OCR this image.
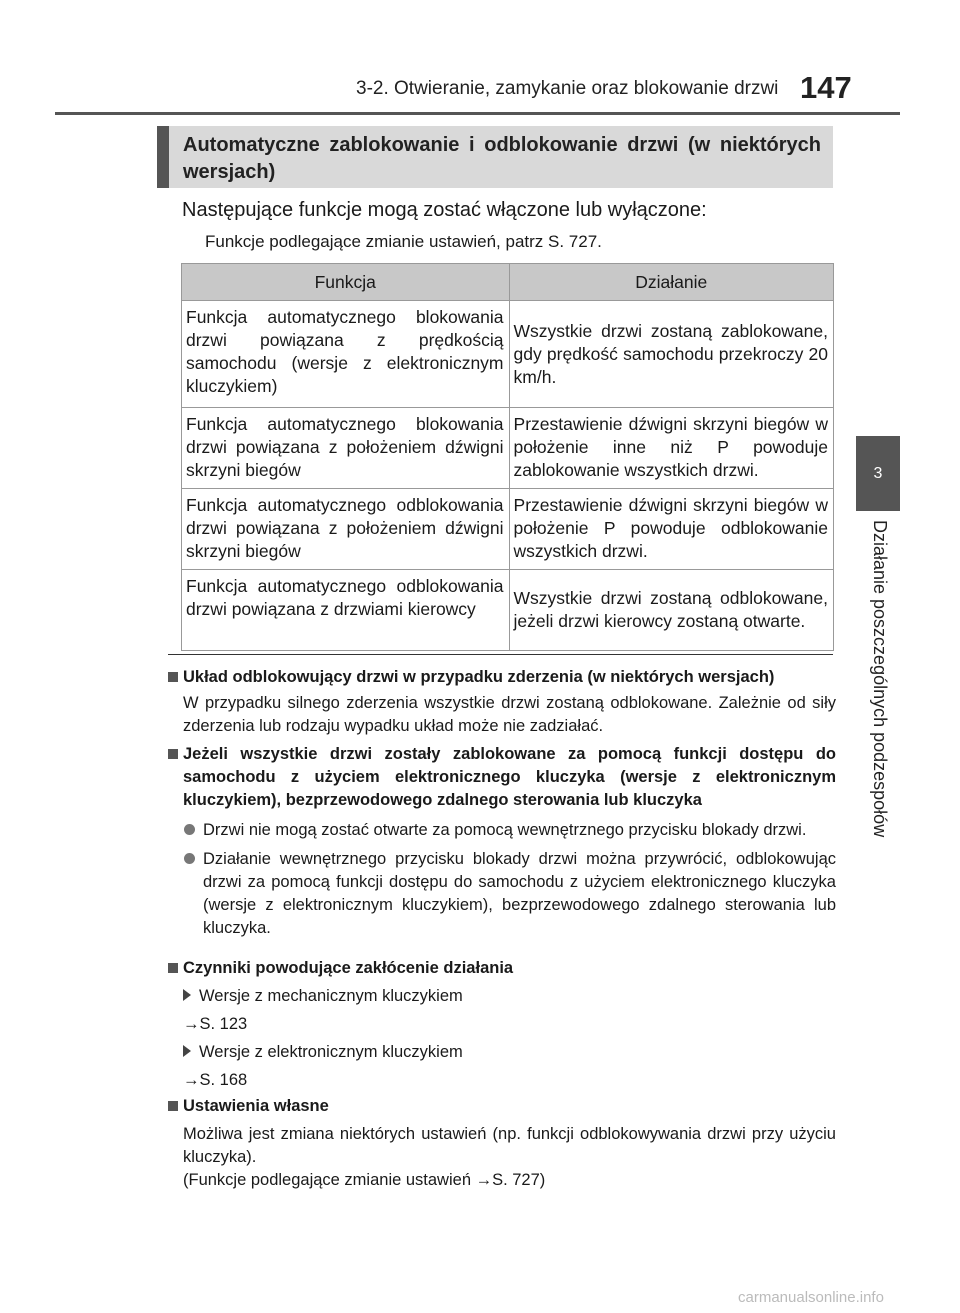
3-2. Otwieranie, zamykanie oraz blokowanie drzwi 147
3
Działanie poszczególnych podzespołów
Automatyczne zablokowanie i odblokowanie drzwi (w niektórych wersjach)
Następujące funkcje mogą zostać włączone lub wyłączone:
Funkcje podlegające zmianie ustawień, patrz S. 727.
Funkcja	Działanie
Funkcja automatycznego blokowania drzwi powiązana z prędkością samochodu (wersje z elektronicznym kluczykiem)	Wszystkie drzwi zostaną zablokowane, gdy prędkość samochodu przekroczy 20 km/h.
Funkcja automatycznego blokowania drzwi powiązana z położeniem dźwigni skrzyni biegów	Przestawienie dźwigni skrzyni biegów w położenie inne niż P powoduje zablokowanie wszystkich drzwi.
Funkcja automatycznego odblokowania drzwi powiązana z położeniem dźwigni skrzyni biegów	Przestawienie dźwigni skrzyni biegów w położenie P powoduje odblokowanie wszystkich drzwi.
Funkcja automatycznego odblokowania drzwi powiązana z drzwiami kierowcy	Wszystkie drzwi zostaną odblokowane, jeżeli drzwi kierowcy zostaną otwarte.
Układ odblokowujący drzwi w przypadku zderzenia (w niektórych wersjach)
W przypadku silnego zderzenia wszystkie drzwi zostaną odblokowane. Zależnie od siły zderzenia lub rodzaju wypadku układ może nie zadziałać.
Jeżeli wszystkie drzwi zostały zablokowane za pomocą funkcji dostępu do samochodu z użyciem elektronicznego kluczyka (wersje z elektronicznym kluczykiem), bezprzewodowego zdalnego sterowania lub kluczyka
Drzwi nie mogą zostać otwarte za pomocą wewnętrznego przycisku blokady drzwi.
Działanie wewnętrznego przycisku blokady drzwi można przywrócić, odblokowując drzwi za pomocą funkcji dostępu do samochodu z użyciem elektronicznego kluczyka (wersje z elektronicznym kluczykiem), bezprzewodowego zdalnego sterowania lub kluczyka.
Czynniki powodujące zakłócenie działania
Wersje z mechanicznym kluczykiem
→S. 123
Wersje z elektronicznym kluczykiem
→S. 168
Ustawienia własne
Możliwa jest zmiana niektórych ustawień (np. funkcji odblokowywania drzwi przy użyciu kluczyka).
(Funkcje podlegające zmianie ustawień →S. 727)
carmanualsonline.info
